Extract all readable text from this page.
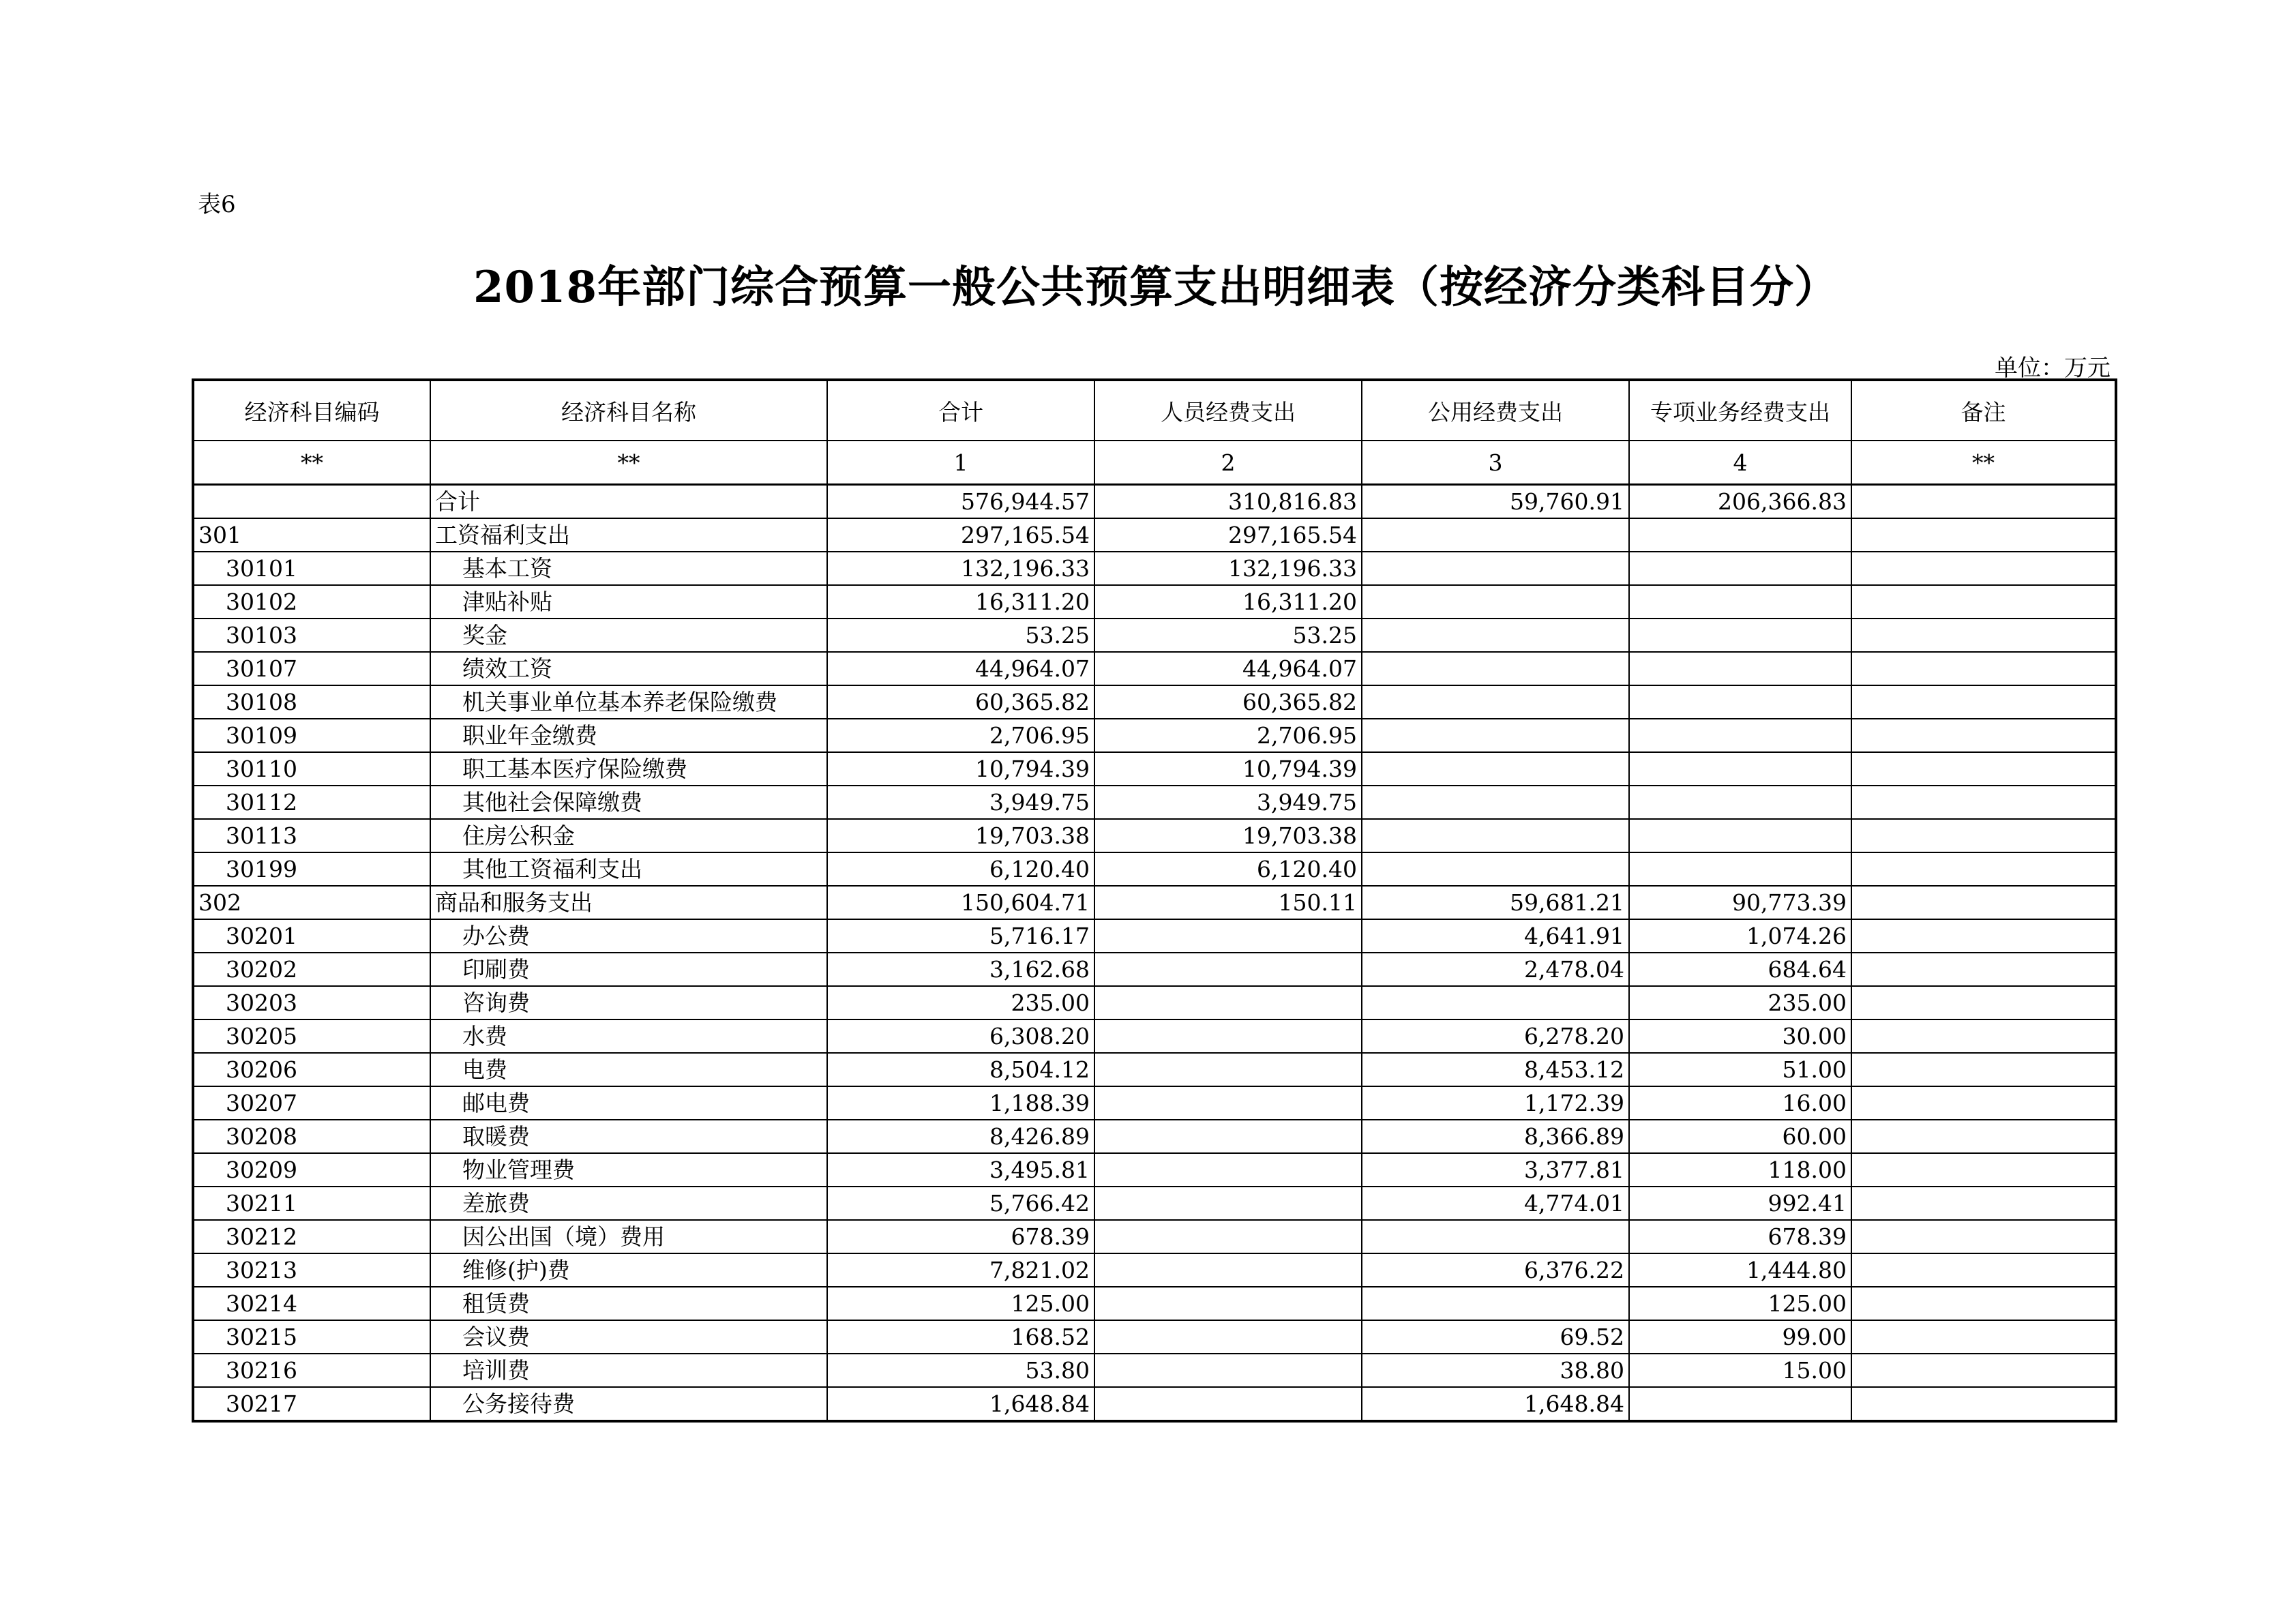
表6
2018年部门综合预算一般公共预算支出明细表（按经济分类科目分）
单位：万元
经济科目编码	经济科目名称	合计	人员经费支出	公用经费支出	专项业务经费支出	备注
**	**	1	2	3	4	**
	合计	576,944.57	310,816.83	59,760.91	206,366.83	
301	工资福利支出	297,165.54	297,165.54			
30101	基本工资	132,196.33	132,196.33			
30102	津贴补贴	16,311.20	16,311.20			
30103	奖金	53.25	53.25			
30107	绩效工资	44,964.07	44,964.07			
30108	机关事业单位基本养老保险缴费	60,365.82	60,365.82			
30109	职业年金缴费	2,706.95	2,706.95			
30110	职工基本医疗保险缴费	10,794.39	10,794.39			
30112	其他社会保障缴费	3,949.75	3,949.75			
30113	住房公积金	19,703.38	19,703.38			
30199	其他工资福利支出	6,120.40	6,120.40			
302	商品和服务支出	150,604.71	150.11	59,681.21	90,773.39	
30201	办公费	5,716.17		4,641.91	1,074.26	
30202	印刷费	3,162.68		2,478.04	684.64	
30203	咨询费	235.00			235.00	
30205	水费	6,308.20		6,278.20	30.00	
30206	电费	8,504.12		8,453.12	51.00	
30207	邮电费	1,188.39		1,172.39	16.00	
30208	取暖费	8,426.89		8,366.89	60.00	
30209	物业管理费	3,495.81		3,377.81	118.00	
30211	差旅费	5,766.42		4,774.01	992.41	
30212	因公出国（境）费用	678.39			678.39	
30213	维修(护)费	7,821.02		6,376.22	1,444.80	
30214	租赁费	125.00			125.00	
30215	会议费	168.52		69.52	99.00	
30216	培训费	53.80		38.80	15.00	
30217	公务接待费	1,648.84		1,648.84		
